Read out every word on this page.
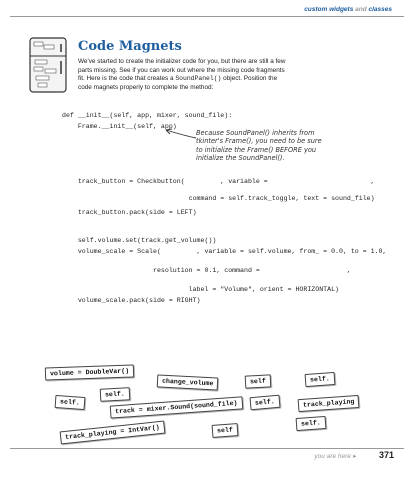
custom widgets and classes
Code Magnets
We've started to create the initializer code for you, but there are still a few
parts missing. See if you can work out where the missing code fragments
fit. Here is the code that creates a SoundPanel() object. Position the
code magnets properly to complete the method:
def __init__(self, app, mixer, sound_file):
Frame.__init__(self, app)
Because SoundPanel() inherits from
tkinter's Frame(), you need to be sure
to initialize the Frame() BEFORE you
initialize the SoundPanel().
track_button = Checkbutton(         , variable =                          ,
command = self.track_toggle, text = sound_file)
track_button.pack(side = LEFT)
self.volume.set(track.get_volume())
volume_scale = Scale(         , variable = self.volume, from_ = 0.0, to = 1.0,
resolution = 0.1, command =                      ,
label = "Volume", orient = HORIZONTAL)
volume_scale.pack(side = RIGHT)
volume = DoubleVar()
change_volume	self	self.
self.
self.	track = mixer.Sound(sound_file)	self.	track_playing
self.
self
track_playing = IntVar()
you are here ▸	371
